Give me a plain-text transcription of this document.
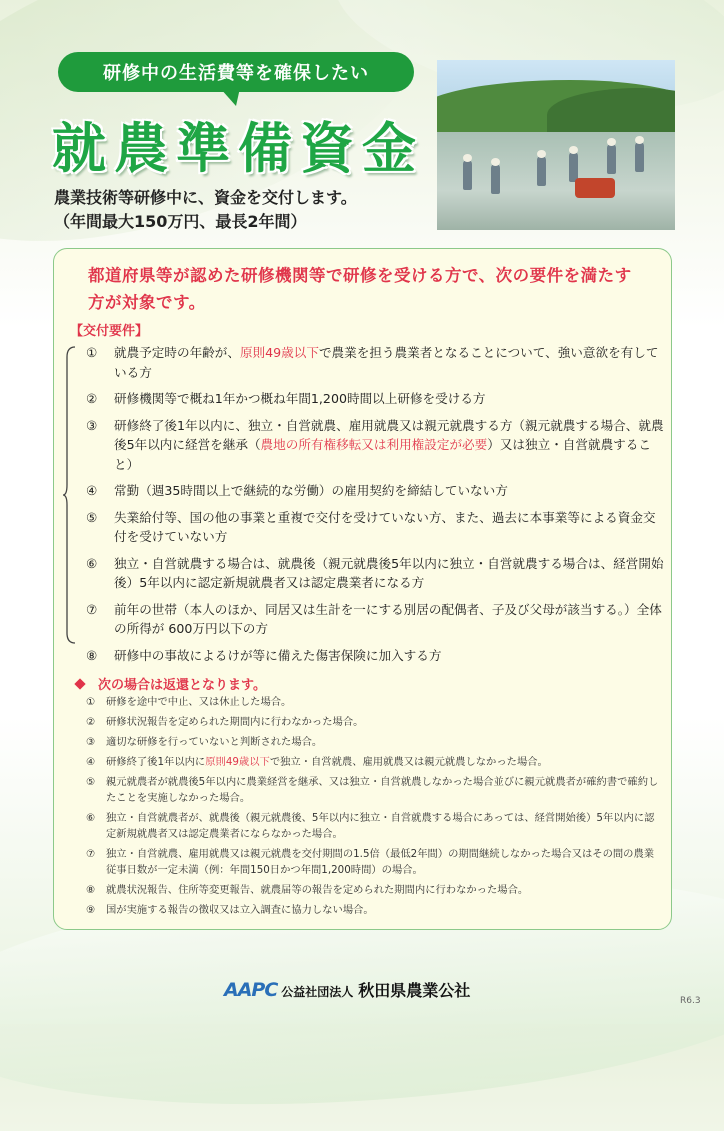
研修中の生活費等を確保したい
就農準備資金
農業技術等研修中に、資金を交付します。
（年間最大150万円、最長2年間）
都道府県等が認めた研修機関等で研修を受ける方で、次の要件を満たす方が対象です。
【交付要件】
①	就農予定時の年齢が、原則49歳以下で農業を担う農業者となることについて、強い意欲を有している方
②	研修機関等で概ね1年かつ概ね年間1,200時間以上研修を受ける方
③	研修終了後1年以内に、独立・自営就農、雇用就農又は親元就農する方（親元就農する場合、就農後5年以内に経営を継承（農地の所有権移転又は利用権設定が必要）又は独立・自営就農すること）
④	常勤（週35時間以上で継続的な労働）の雇用契約を締結していない方
⑤	失業給付等、国の他の事業と重複で交付を受けていない方、また、過去に本事業等による資金交付を受けていない方
⑥	独立・自営就農する場合は、就農後（親元就農後5年以内に独立・自営就農する場合は、経営開始後）5年以内に認定新規就農者又は認定農業者になる方
⑦	前年の世帯（本人のほか、同居又は生計を一にする別居の配偶者、子及び父母が該当する。）全体の所得が 600万円以下の方
⑧	研修中の事故によるけが等に備えた傷害保険に加入する方
次の場合は返還となります。
①	研修を途中で中止、又は休止した場合。
②	研修状況報告を定められた期間内に行わなかった場合。
③	適切な研修を行っていないと判断された場合。
④	研修終了後1年以内に原則49歳以下で独立・自営就農、雇用就農又は親元就農しなかった場合。
⑤	親元就農者が就農後5年以内に農業経営を継承、又は独立・自営就農しなかった場合並びに親元就農者が確約書で確約したことを実施しなかった場合。
⑥	独立・自営就農者が、就農後（親元就農後、5年以内に独立・自営就農する場合にあっては、経営開始後）5年以内に認定新規就農者又は認定農業者にならなかった場合。
⑦	独立・自営就農、雇用就農又は親元就農を交付期間の1.5倍（最低2年間）の期間継続しなかった場合又はその間の農業従事日数が一定未満（例：年間150日かつ年間1,200時間）の場合。
⑧	就農状況報告、住所等変更報告、就農届等の報告を定められた期間内に行わなかった場合。
⑨	国が実施する報告の徴収又は立入調査に協力しない場合。
AAPC 公益社団法人 秋田県農業公社
R6.3
